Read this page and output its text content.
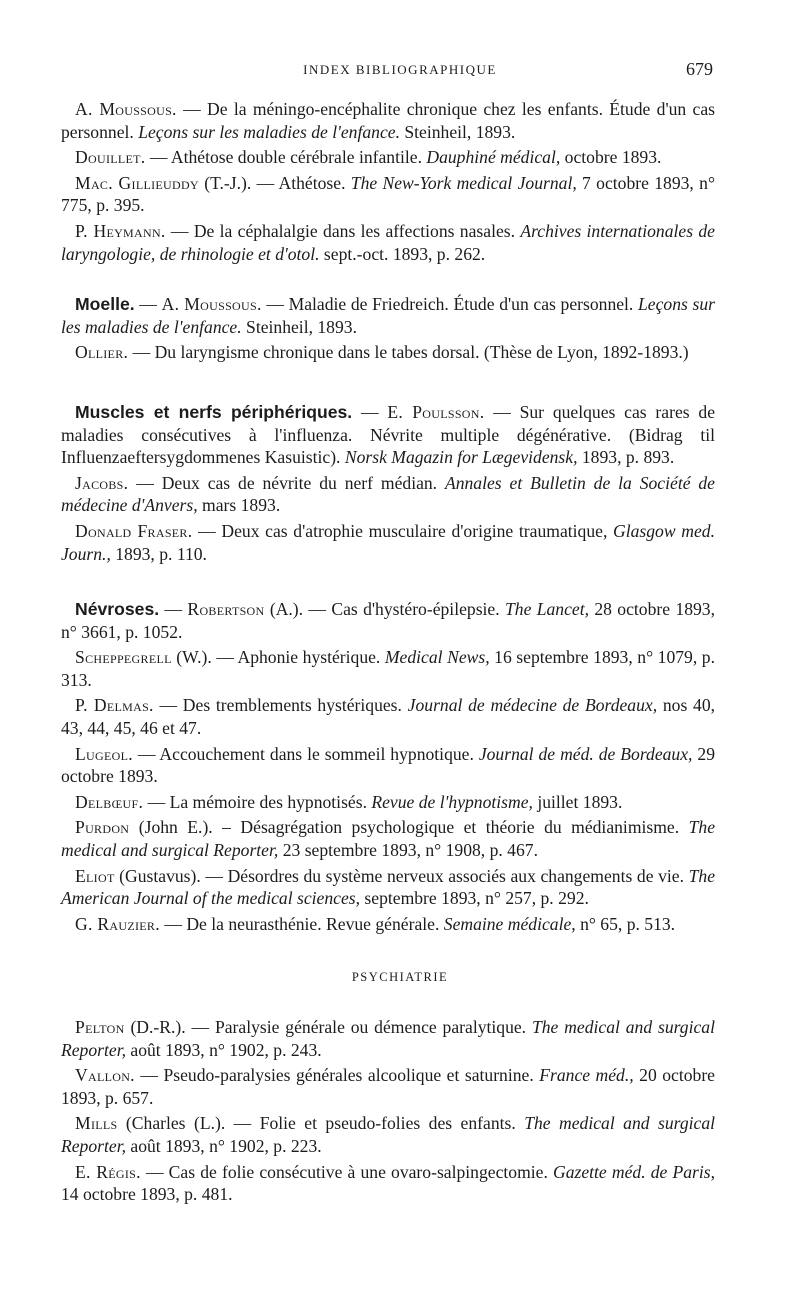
INDEX BIBLIOGRAPHIQUE	679

A. Moussous. — De la méningo-encéphalite chronique chez les enfants. Étude d'un cas personnel. Leçons sur les maladies de l'enfance. Steinheil, 1893.

Douillet. — Athétose double cérébrale infantile. Dauphiné médical, octobre 1893.

Mac. Gillieuddy (T.-J.). — Athétose. The New-York medical Journal, 7 octobre 1893, n° 775, p. 395.

P. Heymann. — De la céphalalgie dans les affections nasales. Archives internationales de laryngologie, de rhinologie et d'otol. sept.-oct. 1893, p. 262.

Moelle. — A. Moussous. — Maladie de Friedreich. Étude d'un cas personnel. Leçons sur les maladies de l'enfance. Steinheil, 1893.

Ollier. — Du laryngisme chronique dans le tabes dorsal. (Thèse de Lyon, 1892-1893.)

Muscles et nerfs périphériques. — E. Poulsson. — Sur quelques cas rares de maladies consécutives à l'influenza. Névrite multiple dégénérative. (Bidrag til Influenzaeftersygdommenes Kasuistic). Norsk Magazin for Lægevidensk, 1893, p. 893.

Jacobs. — Deux cas de névrite du nerf médian. Annales et Bulletin de la Société de médecine d'Anvers, mars 1893.

Donald Fraser. — Deux cas d'atrophie musculaire d'origine traumatique, Glasgow med. Journ., 1893, p. 110.

Névroses. — Robertson (A.). — Cas d'hystéro-épilepsie. The Lancet, 28 octobre 1893, n° 3661, p. 1052.

Scheppegrell (W.). — Aphonie hystérique. Medical News, 16 septembre 1893, n° 1079, p. 313.

P. Delmas. — Des tremblements hystériques. Journal de médecine de Bordeaux, nos 40, 43, 44, 45, 46 et 47.

Lugeol. — Accouchement dans le sommeil hypnotique. Journal de méd. de Bordeaux, 29 octobre 1893.

Delbœuf. — La mémoire des hypnotisés. Revue de l'hypnotisme, juillet 1893.

Purdon (John E.). – Désagrégation psychologique et théorie du médianimisme. The medical and surgical Reporter, 23 septembre 1893, n° 1908, p. 467.

Eliot (Gustavus). — Désordres du système nerveux associés aux changements de vie. The American Journal of the medical sciences, septembre 1893, n° 257, p. 292.

G. Rauzier. — De la neurasthénie. Revue générale. Semaine médicale, n° 65, p. 513.

PSYCHIATRIE

Pelton (D.-R.). — Paralysie générale ou démence paralytique. The medical and surgical Reporter, août 1893, n° 1902, p. 243.

Vallon. — Pseudo-paralysies générales alcoolique et saturnine. France méd., 20 octobre 1893, p. 657.

Mills (Charles (L.). — Folie et pseudo-folies des enfants. The medical and surgical Reporter, août 1893, n° 1902, p. 223.

E. Régis. — Cas de folie consécutive à une ovaro-salpingectomie. Gazette méd. de Paris, 14 octobre 1893, p. 481.
